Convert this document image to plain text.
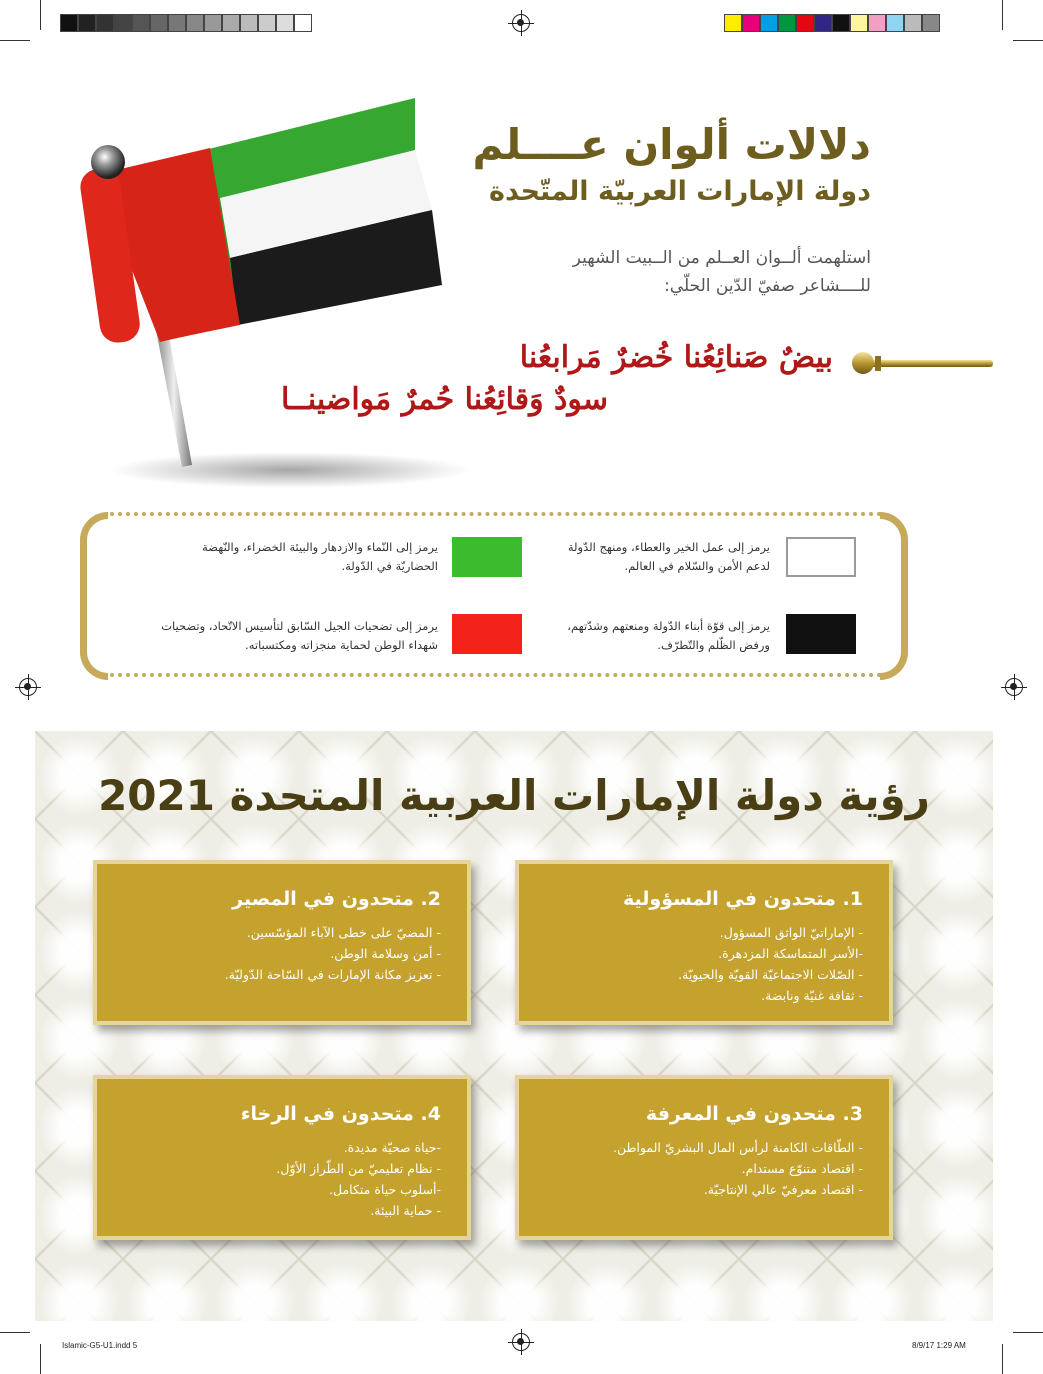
دلالات ألوان عــــلم
دولة الإمارات العربيّة المتّحدة
استلهمت ألــوان العــلم من الــبيت الشهير
للــــشاعر صفيّ الدّين الحلّي:
بيضٌ صَنائِعُنا خُضرٌ مَرابعُنا
سودٌ وَقائِعُنا حُمرٌ مَواضينــا
يرمز إلى عمل الخير والعطاء، ومنهج الدّولة لدعم الأمن والسّلام في العالم.
يرمز إلى النّماء والازدهار والبيئة الخضراء، والنّهضة الحضاريّة في الدّولة.
يرمز إلى قوّة أبناء الدّولة ومنعتهم وشدّتهم، ورفض الظّلم والتّطرّف.
يرمز إلى تضحيات الجيل السّابق لتأسيس الاتّحاد، وتضحيات شهداء الوطن لحماية منجزاته ومكتسباته.
رؤية دولة الإمارات العربية المتحدة 2021
1. متحدون في المسؤولية
- الإماراتيّ الواثق المسؤول.
-الأسر المتماسكة المزدهرة.
- الصّلات الاجتماعيّة القويّة والحيويّة.
- ثقافة غنيّة ونابضة.
2. متحدون في المصير
- المضيّ على خطى الآباء المؤسّسين.
- أمن وسلامة الوطن.
- تعزيز مكانة الإمارات في السّاحة الدّوليّة.
3. متحدون في المعرفة
- الطّاقات الكامنة لرأس المال البشريّ المواطن.
- اقتصاد متنوّع مستدام.
- اقتصاد معرفيّ عالي الإنتاجيّة.
4. متحدون في الرخاء
-حياة صحيّة مديدة.
- نظام تعليميّ من الطّراز الأوّل.
-أسلوب حياة متكامل.
- حماية البيئة.
Islamic-G5-U1.indd 5	8/9/17 1:29 AM
